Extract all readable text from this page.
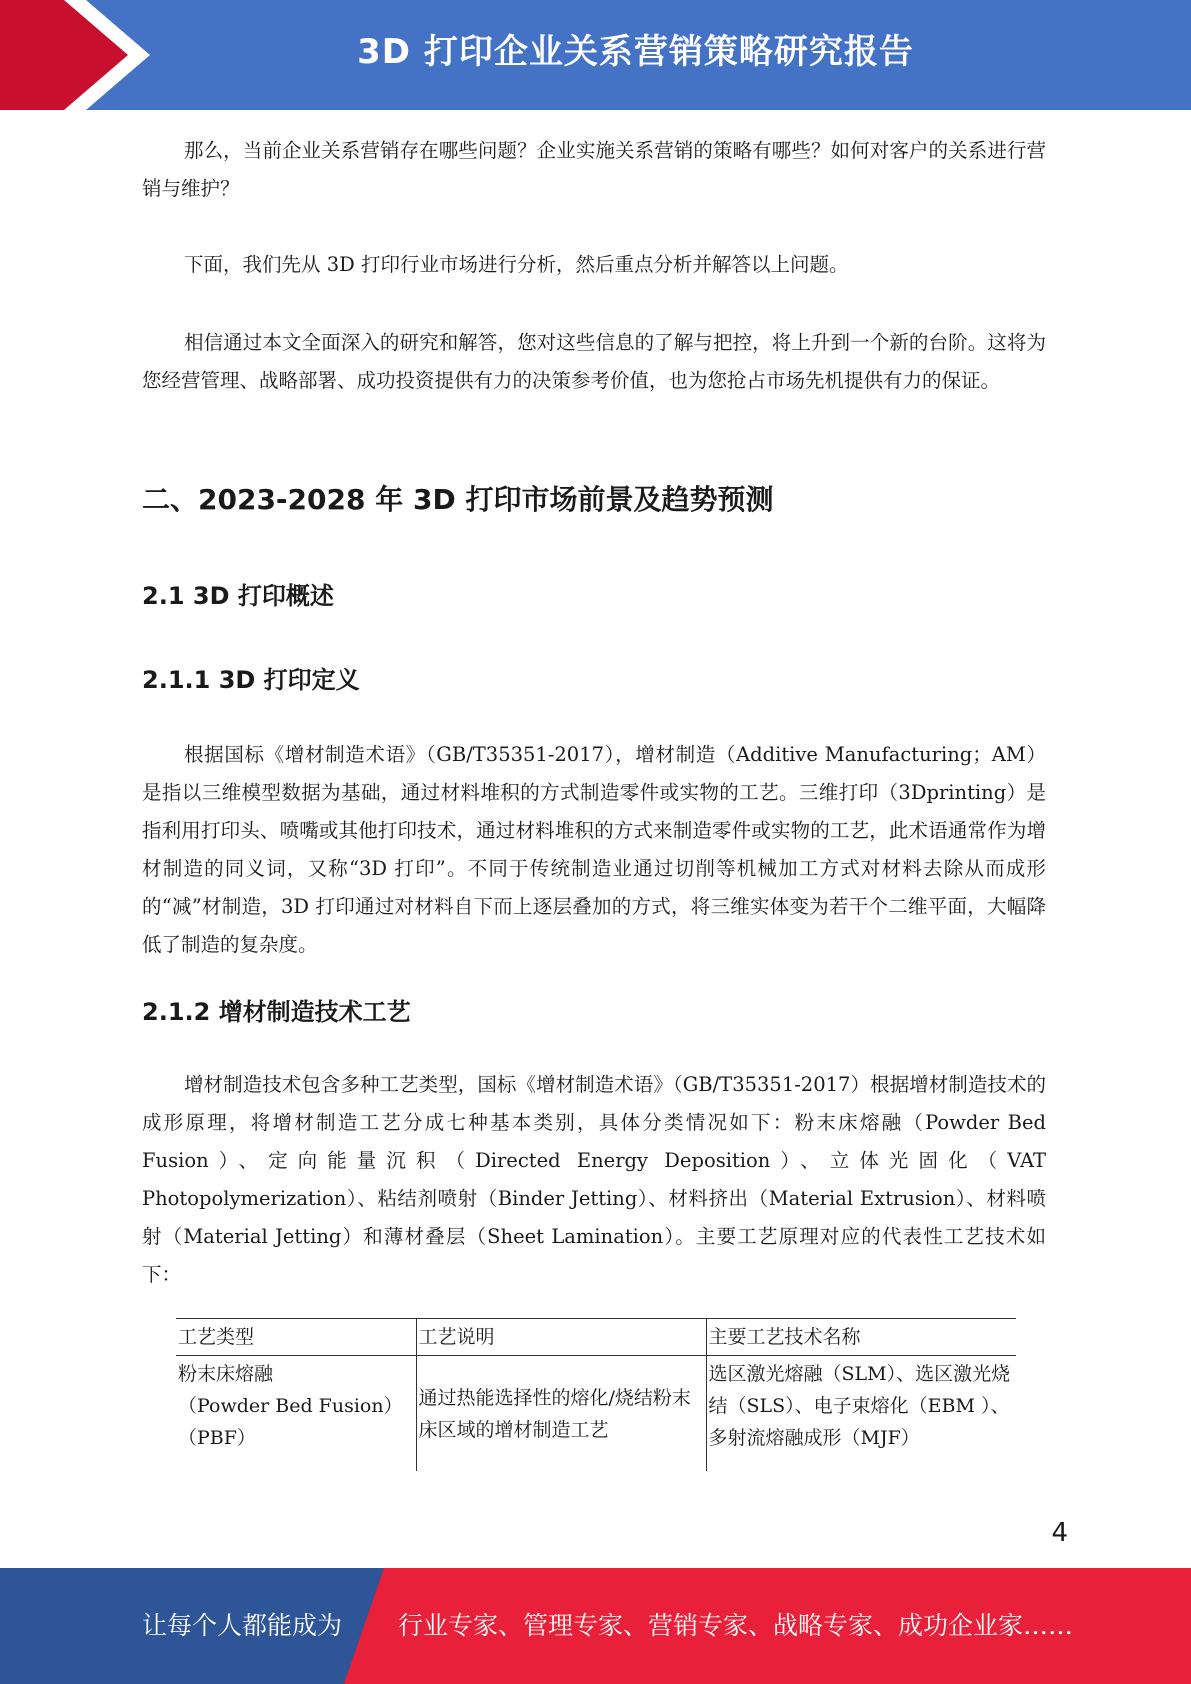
3D 打印企业关系营销策略研究报告

那么，当前企业关系营销存在哪些问题？企业实施关系营销的策略有哪些？如何对客户的关系进行营销与维护？

下面，我们先从 3D 打印行业市场进行分析，然后重点分析并解答以上问题。

相信通过本文全面深入的研究和解答，您对这些信息的了解与把控，将上升到一个新的台阶。这将为您经营管理、战略部署、成功投资提供有力的决策参考价值，也为您抢占市场先机提供有力的保证。

二、2023-2028 年 3D 打印市场前景及趋势预测
2.1 3D 打印概述
2.1.1 3D 打印定义

根据国标《增材制造术语》（GB/T35351-2017），增材制造（Additive Manufacturing；AM）是指以三维模型数据为基础，通过材料堆积的方式制造零件或实物的工艺。三维打印（3Dprinting）是指利用打印头、喷嘴或其他打印技术，通过材料堆积的方式来制造零件或实物的工艺，此术语通常作为增材制造的同义词，又称“3D 打印”。不同于传统制造业通过切削等机械加工方式对材料去除从而成形的“减”材制造，3D 打印通过对材料自下而上逐层叠加的方式，将三维实体变为若干个二维平面，大幅降低了制造的复杂度。

2.1.2 增材制造技术工艺

增材制造技术包含多种工艺类型，国标《增材制造术语》（GB/T35351-2017）根据增材制造技术的成形原理，将增材制造工艺分成七种基本类别，具体分类情况如下：粉末床熔融（Powder Bed Fusion）、定向能量沉积（Directed Energy Deposition）、立体光固化（VAT Photopolymerization）、粘结剂喷射（Binder Jetting）、材料挤出（Material Extrusion）、材料喷射（Material Jetting）和薄材叠层（Sheet Lamination）。主要工艺原理对应的代表性工艺技术如下：

工艺类型	工艺说明	主要工艺技术名称

粉末床熔融
（Powder Bed Fusion）
（PBF）	通过热能选择性的熔化/烧结粉末床区域的增材制造工艺	选区激光熔融（SLM）、选区激光烧结（SLS）、电子束熔化（EBM ）、多射流熔融成形（MJF）
4
让每个人都能成为 行业专家、管理专家、营销专家、战略专家、成功企业家……
